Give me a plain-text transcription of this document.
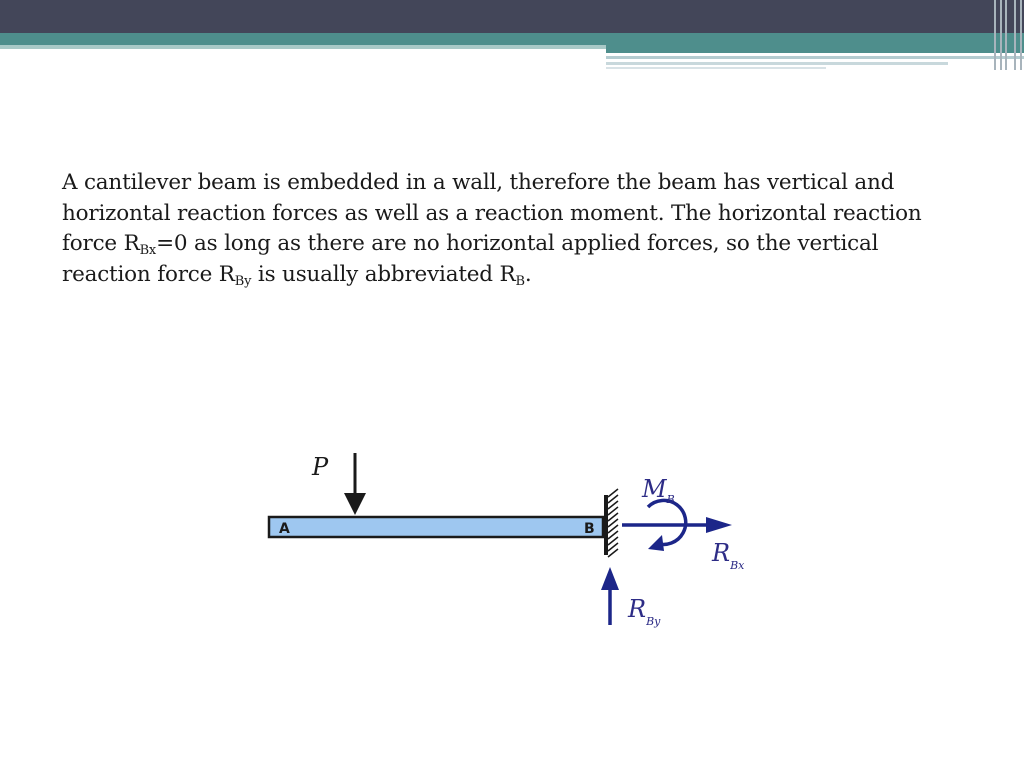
A cantilever beam is embedded in a wall, therefore the beam has vertical and horizontal reaction forces as well as a reaction moment. The horizontal reaction force $R_{Bx}=0$ as long as there are no horizontal applied forces, so the vertical reaction force $R_{By}$ is usually abbreviated $R_B$.
A	B
P
$M_B$
$R_{Bx}$
$R_{By}$
